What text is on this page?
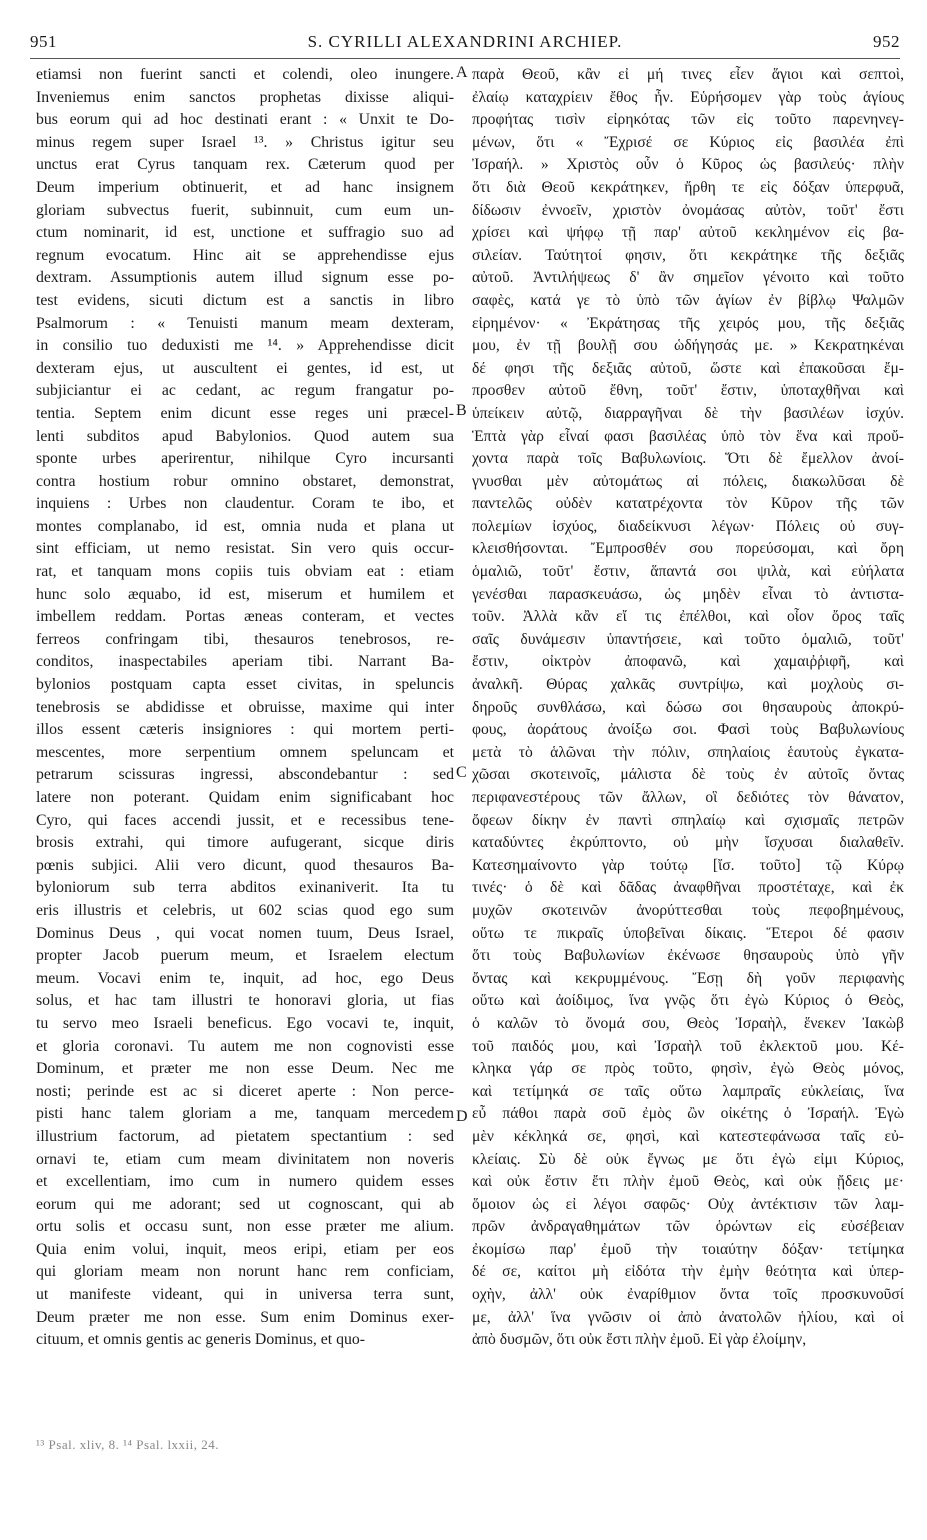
951	S. CYRILLI ALEXANDRINI ARCHIEP.	952
etiamsi non fuerint sancti et colendi, oleo inungere.
Inveniemus enim sanctos prophetas dixisse aliqui-
bus eorum qui ad hoc destinati erant : « Unxit te Do-
minus regem super Israel ¹³. » Christus igitur seu
unctus erat Cyrus tanquam rex. Cæterum quod per
Deum imperium obtinuerit, et ad hanc insignem
gloriam subvectus fuerit, subinnuit, cum eum un-
ctum nominarit, id est, unctione et suffragio suo ad
regnum evocatum. Hinc ait se apprehendisse ejus
dextram. Assumptionis autem illud signum esse po-
test evidens, sicuti dictum est a sanctis in libro
Psalmorum : « Tenuisti manum meam dexteram,
in consilio tuo deduxisti me ¹⁴. » Apprehendisse dicit
dexteram ejus, ut auscultent ei gentes, id est, ut
subjiciantur ei ac cedant, ac regum frangatur po-
tentia. Septem enim dicunt esse reges uni præcel-
lenti subditos apud Babylonios. Quod autem sua
sponte urbes aperirentur, nihilque Cyro incursanti
contra hostium robur omnino obstaret, demonstrat,
inquiens : Urbes non claudentur. Coram te ibo, et
montes complanabo, id est, omnia nuda et plana ut
sint efficiam, ut nemo resistat. Sin vero quis occur-
rat, et tanquam mons copiis tuis obviam eat : etiam
hunc solo æquabo, id est, miserum et humilem et
imbellem reddam. Portas æneas conteram, et vectes
ferreos confringam tibi, thesauros tenebrosos, re-
conditos, inaspectabiles aperiam tibi. Narrant Ba-
bylonios postquam capta esset civitas, in speluncis
tenebrosis se abdidisse et obruisse, maxime qui inter
illos essent cæteris insigniores : qui mortem perti-
mescentes, more serpentium omnem speluncam et
petrarum scissuras ingressi, abscondebantur : sed
latere non poterant. Quidam enim significabant hoc
Cyro, qui faces accendi jussit, et e recessibus tene-
brosis extrahi, qui timore aufugerant, sicque diris
pœnis subjici. Alii vero dicunt, quod thesauros Ba-
byloniorum sub terra abditos exinaniverit. Ita tu
eris illustris et celebris, ut 602 scias quod ego sum
Dominus Deus , qui vocat nomen tuum, Deus Israel,
propter Jacob puerum meum, et Israelem electum
meum. Vocavi enim te, inquit, ad hoc, ego Deus
solus, et hac tam illustri te honoravi gloria, ut fias
tu servo meo Israeli beneficus. Ego vocavi te, inquit,
et gloria coronavi. Tu autem me non cognovisti esse
Dominum, et præter me non esse Deum. Nec me
nosti; perinde est ac si diceret aperte : Non perce-
pisti hanc talem gloriam a me, tanquam mercedem
illustrium factorum, ad pietatem spectantium : sed
ornavi te, etiam cum meam divinitatem non noveris
et excellentiam, imo cum in numero quidem esses
eorum qui me adorant; sed ut cognoscant, qui ab
ortu solis et occasu sunt, non esse præter me alium.
Quia enim volui, inquit, meos eripi, etiam per eos
qui gloriam meam non norunt hanc rem conficiam,
ut manifeste videant, qui in universa terra sunt,
Deum præter me non esse. Sum enim Dominus exer-
cituum, et omnis gentis ac generis Dominus, et quo-
παρὰ Θεοῦ, κἂν εἰ μή τινες εἶεν ἅγιοι καὶ σεπτοὶ,
ἐλαίῳ καταχρίειν ἔθος ἦν. Εὑρήσομεν γὰρ τοὺς ἁγίους
προφήτας τισὶν εἰρηκότας τῶν εἰς τοῦτο παρενηνεγ-
μένων, ὅτι « Ἔχρισέ σε Κύριος εἰς βασιλέα ἐπὶ
Ἰσραήλ. » Χριστὸς οὖν ὁ Κῦρος ὡς βασιλεύς· πλὴν
ὅτι διὰ Θεοῦ κεκράτηκεν, ἤρθη τε εἰς δόξαν ὑπερφυᾶ,
δίδωσιν ἐννοεῖν, χριστὸν ὀνομάσας αὐτὸν, τοῦτ' ἔστι
χρίσει καὶ ψήφῳ τῇ παρ' αὐτοῦ κεκλημένον εἰς βα-
σιλείαν. Ταύτητοί φησιν, ὅτι κεκράτηκε τῆς δεξιᾶς
αὐτοῦ. Ἀντιλήψεως δ' ἂν σημεῖον γένοιτο καὶ τοῦτο
σαφὲς, κατά γε τὸ ὑπὸ τῶν ἁγίων ἐν βίβλῳ Ψαλμῶν
εἰρημένον· « Ἐκράτησας τῆς χειρός μου, τῆς δεξιᾶς
μου, ἐν τῇ βουλῇ σου ὡδήγησάς με. » Κεκρατηκέναι
δέ φησι τῆς δεξιᾶς αὐτοῦ, ὥστε καὶ ἐπακοῦσαι ἔμ-
προσθεν αὐτοῦ ἔθνη, τοῦτ' ἔστιν, ὑποταχθῆναι καὶ
ὑπείκειν αὐτῷ, διαρραγῆναι δὲ τὴν βασιλέων ἰσχύν.
Ἑπτὰ γὰρ εἶναί φασι βασιλέας ὑπὸ τὸν ἕνα καὶ προὔ-
χοντα παρὰ τοῖς Βαβυλωνίοις. Ὅτι δὲ ἔμελλον ἀνοί-
γνυσθαι μὲν αὐτομάτως αἱ πόλεις, διακωλῦσαι δὲ
παντελῶς οὐδὲν κατατρέχοντα τὸν Κῦρον τῆς τῶν
πολεμίων ἰσχύος, διαδείκνυσι λέγων· Πόλεις οὐ συγ-
κλεισθήσονται. Ἔμπροσθέν σου πορεύσομαι, καὶ ὄρη
ὁμαλιῶ, τοῦτ' ἔστιν, ἅπαντά σοι ψιλὰ, καὶ εὐήλατα
γενέσθαι παρασκευάσω, ὡς μηδὲν εἶναι τὸ ἀντιστα-
τοῦν. Ἀλλὰ κἂν εἴ τις ἐπέλθοι, καὶ οἷον ὄρος ταῖς
σαῖς δυνάμεσιν ὑπαντήσειε, καὶ τοῦτο ὁμαλιῶ, τοῦτ'
ἔστιν, οἰκτρὸν ἀποφανῶ, καὶ χαμαιῤῥιφῆ, καὶ
ἀναλκῆ. Θύρας χαλκᾶς συντρίψω, καὶ μοχλοὺς σι-
δηροῦς συνθλάσω, καὶ δώσω σοι θησαυροὺς ἀποκρύ-
φους, ἀοράτους ἀνοίξω σοι. Φασὶ τοὺς Βαβυλωνίους
μετὰ τὸ ἁλῶναι τὴν πόλιν, σπηλαίοις ἑαυτοὺς ἐγκατα-
χῶσαι σκοτεινοῖς, μάλιστα δὲ τοὺς ἐν αὐτοῖς ὄντας
περιφανεστέρους τῶν ἄλλων, οἳ δεδιότες τὸν θάνατον,
ὄφεων δίκην ἐν παντὶ σπηλαίῳ καὶ σχισμαῖς πετρῶν
καταδύντες ἐκρύπτοντο, οὐ μὴν ἴσχυσαι διαλαθεῖν.
Κατεσημαίνοντο γὰρ τούτῳ [ἴσ. τοῦτο] τῷ Κύρῳ
τινές· ὁ δὲ καὶ δᾶδας ἀναφθῆναι προστέταχε, καὶ ἐκ
μυχῶν σκοτεινῶν ἀνορύττεσθαι τοὺς πεφοβημένους,
οὕτω τε πικραῖς ὑποβεῖναι δίκαις. Ἕτεροι δέ φασιν
ὅτι τοὺς Βαβυλωνίων ἐκένωσε θησαυροὺς ὑπὸ γῆν
ὄντας καὶ κεκρυμμένους. Ἔσῃ δὴ γοῦν περιφανὴς
οὕτω καὶ ἀοίδιμος, ἵνα γνῷς ὅτι ἐγὼ Κύριος ὁ Θεὸς,
ὁ καλῶν τὸ ὄνομά σου, Θεὸς Ἰσραὴλ, ἕνεκεν Ἰακὼβ
τοῦ παιδός μου, καὶ Ἰσραὴλ τοῦ ἐκλεκτοῦ μου. Κέ-
κληκα γάρ σε πρὸς τοῦτο, φησὶν, ἐγὼ Θεὸς μόνος,
καὶ τετίμηκά σε ταῖς οὕτω λαμπραῖς εὐκλείαις, ἵνα
εὖ πάθοι παρὰ σοῦ ἐμὸς ὢν οἰκέτης ὁ Ἰσραήλ. Ἐγὼ
μὲν κέκληκά σε, φησὶ, καὶ κατεστεφάνωσα ταῖς εὐ-
κλείαις. Σὺ δὲ οὐκ ἔγνως με ὅτι ἐγὼ εἰμι Κύριος,
καὶ οὐκ ἔστιν ἔτι πλὴν ἐμοῦ Θεὸς, καὶ οὐκ ᾔδεις με·
ὅμοιον ὡς εἰ λέγοι σαφῶς· Οὐχ ἀντέκτισιν τῶν λαμ-
πρῶν ἀνδραγαθημάτων τῶν ὁρώντων εἰς εὐσέβειαν
ἐκομίσω παρ' ἐμοῦ τὴν τοιαύτην δόξαν· τετίμηκα
δέ σε, καίτοι μὴ εἰδότα τὴν ἐμὴν θεότητα καὶ ὑπερ-
οχὴν, ἀλλ' οὐκ ἐναρίθμιον ὄντα τοῖς προσκυνοῦσί
με, ἀλλ' ἵνα γνῶσιν οἱ ἀπὸ ἀνατολῶν ἡλίου, καὶ οἱ
ἀπὸ δυσμῶν, ὅτι οὐκ ἔστι πλὴν ἐμοῦ. Εἰ γὰρ ἐλοίμην,
A
B
C
D
¹³ Psal. xliv, 8. ¹⁴ Psal. lxxii, 24.
